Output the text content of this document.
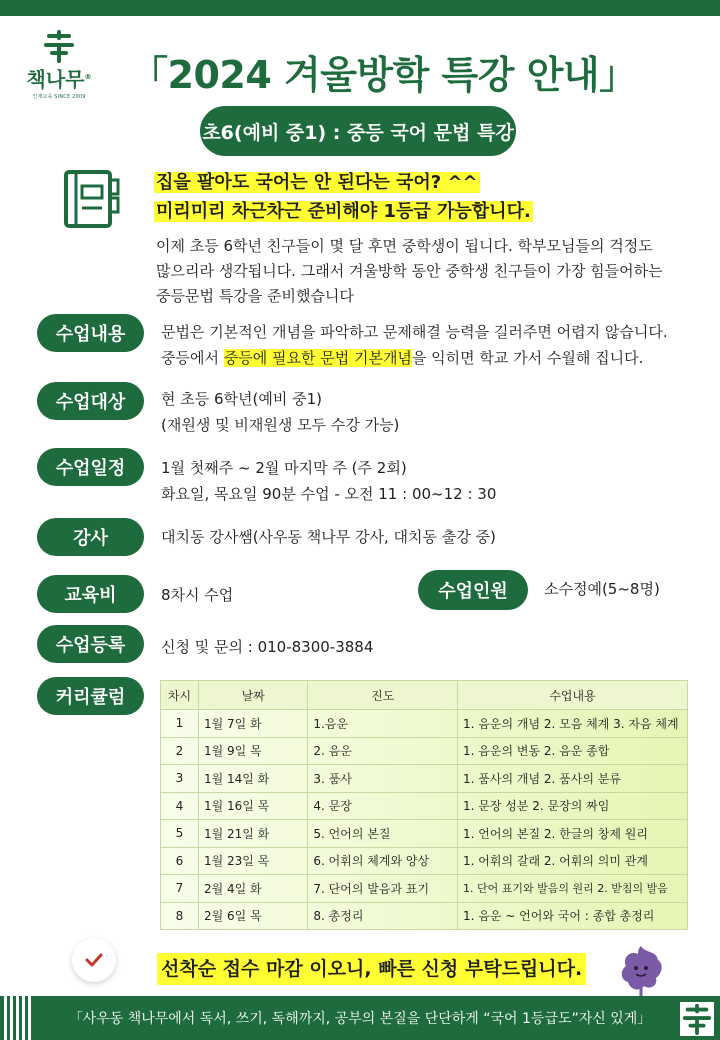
책나무®
인재교육 SINCE 2009	「2024 겨울방학 특강 안내」
초6(예비 중1) : 중등 국어 문법 특강
집을 팔아도 국어는 안 된다는 국어? ^^
미리미리 차근차근 준비해야 1등급 가능합니다.
이제 초등 6학년 친구들이 몇 달 후면 중학생이 됩니다. 학부모님들의 걱정도
많으리라 생각됩니다. 그래서 겨울방학 동안 중학생 친구들이 가장 힘들어하는
중등문법 특강을 준비했습니다
수업내용	문법은 기본적인 개념을 파악하고 문제해결 능력을 길러주면 어렵지 않습니다.
중등에서 중등에 필요한 문법 기본개념을 익히면 학교 가서 수월해 집니다.
수업대상	현 초등 6학년(예비 중1)
(재원생 및 비재원생 모두 수강 가능)
수업일정	1월 첫째주 ~ 2월 마지막 주 (주 2회)
화요일, 목요일 90분 수업 - 오전 11 : 00~12 : 30
강사	대치동 강사쌤(사우동 책나무 강사, 대치동 출강 중)
교육비	8차시 수업	수업인원	소수정예(5~8명)
수업등록	신청 및 문의 : 010-8300-3884
커리큘럼	차시	날짜	진도	수업내용
1	1월 7일 화	1.음운	1. 음운의 개념 2. 모음 체계 3. 자음 체계
2	1월 9일 목	2. 음운	1. 음운의 변동 2. 음운 종합
3	1월 14일 화	3. 품사	1. 품사의 개념 2. 품사의 분류
4	1월 16일 목	4. 문장	1. 문장 성분 2. 문장의 짜임
5	1월 21일 화	5. 언어의 본질	1. 언어의 본질 2. 한글의 창제 원리
6	1월 23일 목	6. 어휘의 체계와 양상	1. 어휘의 갈래 2. 어휘의 의미 관계
7	2월 4일 화	7. 단어의 발음과 표기	1. 단어 표기와 발음의 원리 2. 받침의 발음
8	2월 6일 목	8. 총정리	1. 음운 ~ 언어와 국어 : 종합 총정리
선착순 접수 마감 이오니, 빠른 신청 부탁드립니다.
「사우동 책나무에서 독서, 쓰기, 독해까지, 공부의 본질을 단단하게 “국어 1등급도”자신 있게」
